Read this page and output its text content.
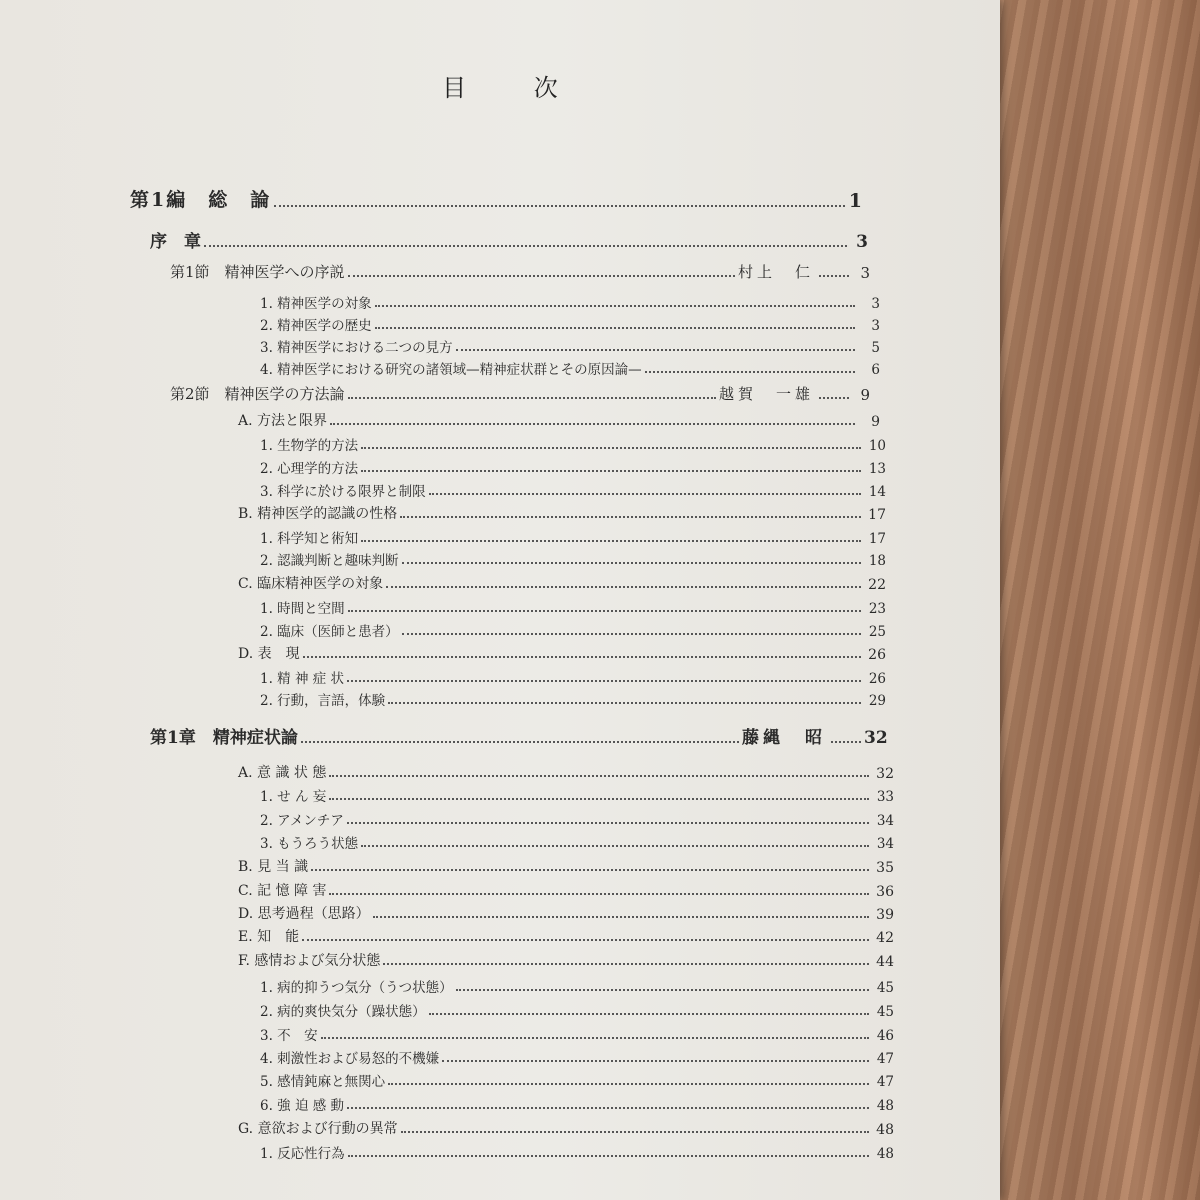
目 次
第1編　総　論	1
序　章	3
第1節　精神医学への序説	村上　仁	3
1. 精神医学の対象	3
2. 精神医学の歴史	3
3. 精神医学における二つの見方	5
4. 精神医学における研究の諸領域—精神症状群とその原因論—	6
第2節　精神医学の方法論	越賀　一雄	9
A. 方法と限界	9
1. 生物学的方法	10
2. 心理学的方法	13
3. 科学に於ける限界と制限	14
B. 精神医学的認識の性格	17
1. 科学知と術知	17
2. 認識判断と趣味判断	18
C. 臨床精神医学の対象	22
1. 時間と空間	23
2. 臨床（医師と患者）	25
D. 表　現	26
1. 精 神 症 状	26
2. 行動，言語，体験	29
第1章　精神症状論	藤縄　昭 32
A. 意 識 状 態	32
1. せ ん 妄	33
2. アメンチア	34
3. もうろう状態	34
B. 見 当 識	35
C. 記 憶 障 害	36
D. 思考過程（思路）	39
E. 知　能	42
F. 感情および気分状態	44
1. 病的抑うつ気分（うつ状態）	45
2. 病的爽快気分（躁状態）	45
3. 不　安	46
4. 刺激性および易怒的不機嫌	47
5. 感情鈍麻と無関心	47
6. 強 迫 感 動	48
G. 意欲および行動の異常	48
1. 反応性行為	48
